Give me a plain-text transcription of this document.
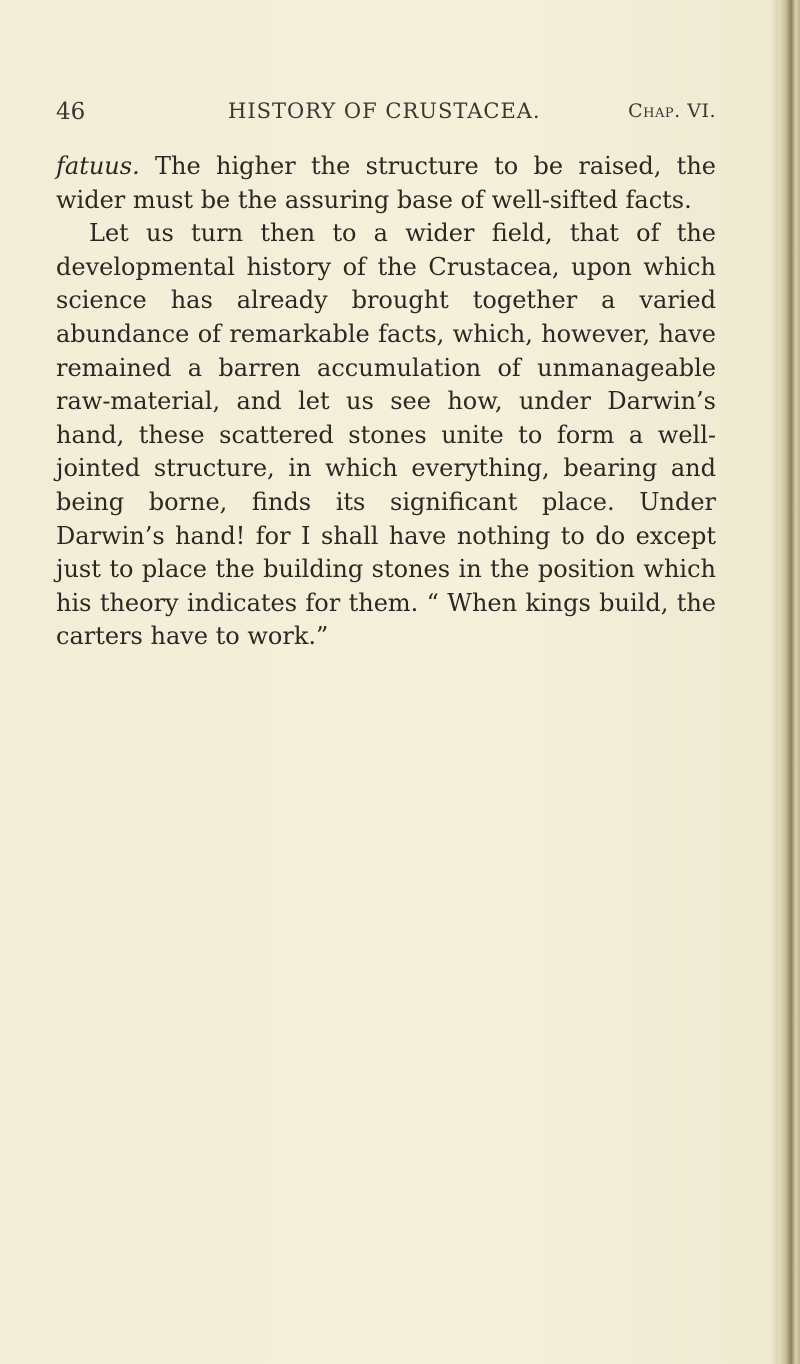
46	HISTORY OF CRUSTACEA.	Chap. VI.

fatuus. The higher the structure to be raised, the wider must be the assuring base of well-sifted facts.

Let us turn then to a wider field, that of the developmental history of the Crustacea, upon which science has already brought together a varied abundance of remarkable facts, which, however, have remained a barren accumulation of unmanageable raw-material, and let us see how, under Darwin’s hand, these scattered stones unite to form a well-jointed structure, in which everything, bearing and being borne, finds its significant place. Under Darwin’s hand! for I shall have nothing to do except just to place the building stones in the position which his theory indicates for them. “ When kings build, the carters have to work.”
